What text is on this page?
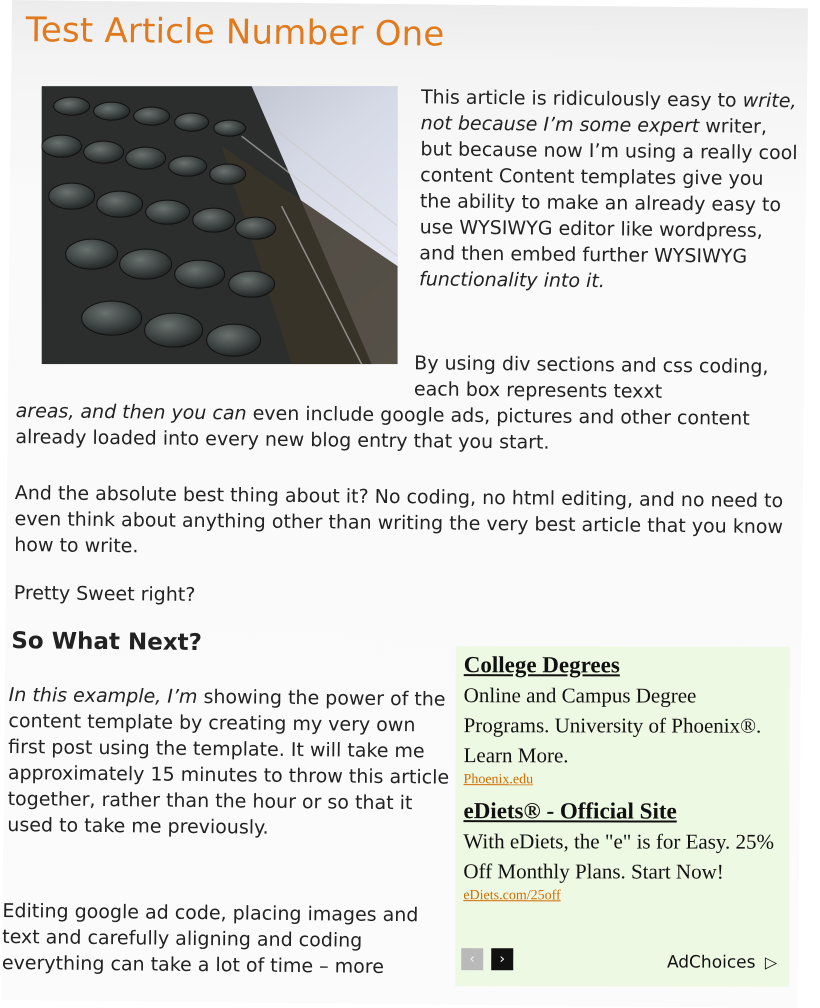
Test Article Number One

This article is ridiculously easy to write, not because I’m some expert writer, but because now I’m using a really cool content Content templates give you the ability to make an already easy to use WYSIWYG editor like wordpress, and then embed further WYSIWYG functionality into it.

By using div sections and css coding, each box represents texxt

areas, and then you can even include google ads, pictures and other content already loaded into every new blog entry that you start.

And the absolute best thing about it? No coding, no html editing, and no need to even think about anything other than writing the very best article that you know how to write.

Pretty Sweet right?

So What Next?

In this example, I’m showing the power of the content template by creating my very own first post using the template. It will take me approximately 15 minutes to throw this article together, rather than the hour or so that it used to take me previously.

Editing google ad code, placing images and text and carefully aligning and coding everything can take a lot of time – more

College Degrees
Online and Campus Degree Programs. University of Phoenix®. Learn More.
Phoenix.edu
eDiets® - Official Site
With eDiets, the "e" is for Easy. 25% Off Monthly Plans. Start Now!
eDiets.com/25off
‹ ›	AdChoices ▷
